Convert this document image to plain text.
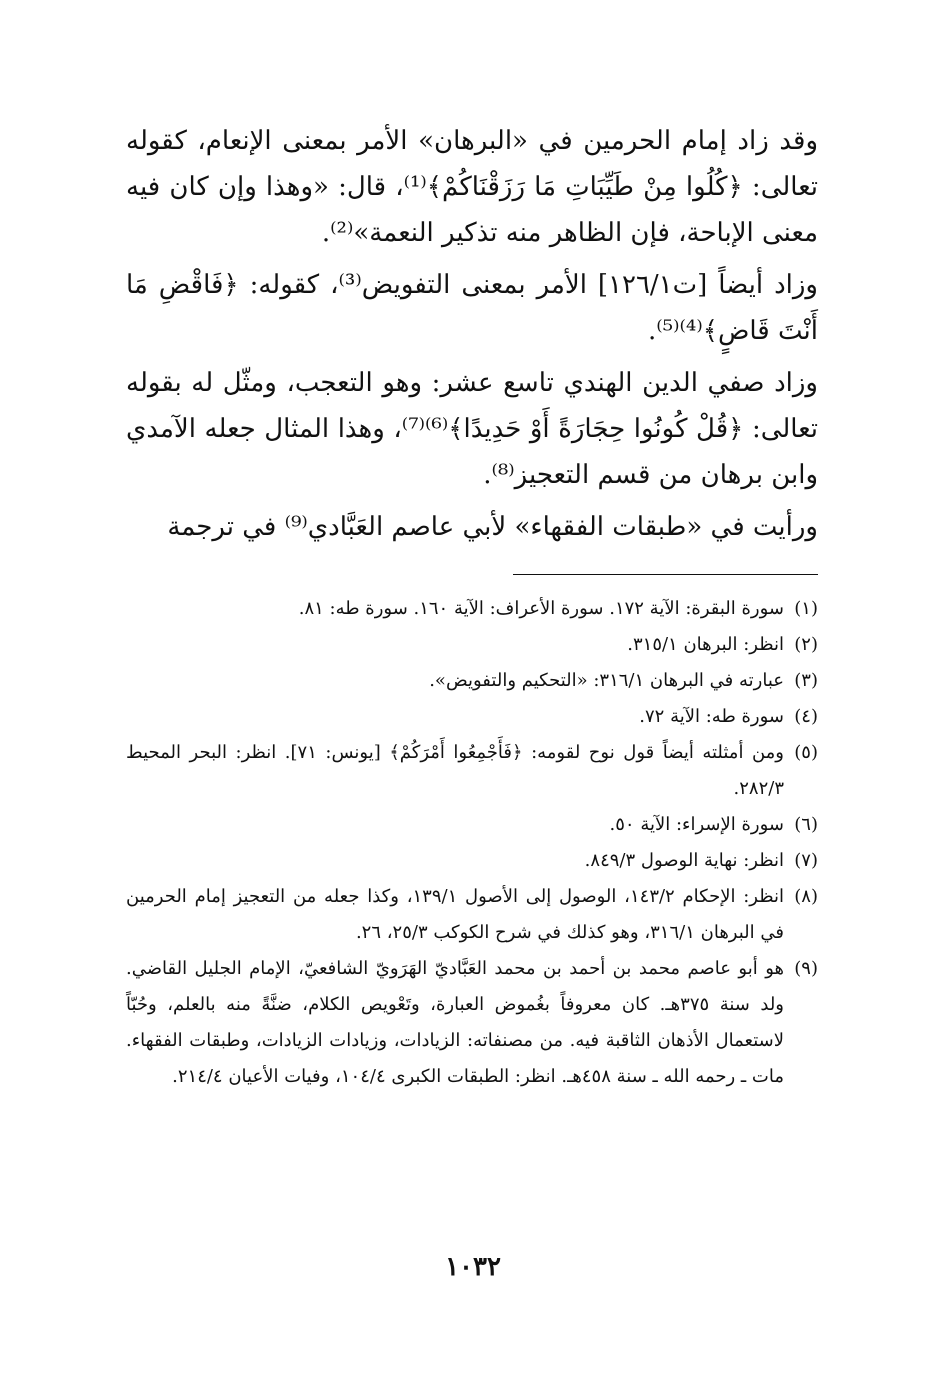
وقد زاد إمام الحرمين في «البرهان» الأمر بمعنى الإنعام، كقوله تعالى: ﴿كُلُوا مِنْ طَيِّبَاتِ مَا رَزَقْنَاكُمْ﴾⁽¹⁾، قال: «وهذا وإن كان فيه معنى الإباحة، فإن الظاهر منه تذكير النعمة»⁽²⁾.

وزاد أيضاً [ت١٢٦/١] الأمر بمعنى التفويض⁽³⁾، كقوله: ﴿فَاقْضِ مَا أَنْتَ قَاضٍ﴾⁽⁴⁾⁽⁵⁾.

وزاد صفي الدين الهندي تاسع عشر: وهو التعجب، ومثّل له بقوله تعالى: ﴿قُلْ كُونُوا حِجَارَةً أَوْ حَدِيدًا﴾⁽⁶⁾⁽⁷⁾، وهذا المثال جعله الآمدي وابن برهان من قسم التعجيز⁽⁸⁾.

ورأيت في «طبقات الفقهاء» لأبي عاصم العَبَّادي⁽⁹⁾ في ترجمة

(١)
سورة البقرة: الآية ١٧٢. سورة الأعراف: الآية ١٦٠. سورة طه: ٨١.
(٢)
انظر: البرهان ٣١٥/١.
(٣)
عبارته في البرهان ٣١٦/١: «التحكيم والتفويض».
(٤)
سورة طه: الآية ٧٢.
(٥)
ومن أمثلته أيضاً قول نوح لقومه: ﴿فَأَجْمِعُوا أَمْرَكُمْ﴾ [يونس: ٧١]. انظر: البحر المحيط ٢٨٢/٣.
(٦)
سورة الإسراء: الآية ٥٠.
(٧)
انظر: نهاية الوصول ٨٤٩/٣.
(٨)
انظر: الإحكام ١٤٣/٢، الوصول إلى الأصول ١٣٩/١، وكذا جعله من التعجيز إمام الحرمين في البرهان ٣١٦/١، وهو كذلك في شرح الكوكب ٢٥/٣، ٢٦.
(٩)
هو أبو عاصم محمد بن أحمد بن محمد العَبَّاديّ الهَرَويّ الشافعيّ، الإمام الجليل القاضي. ولد سنة ٣٧٥هـ. كان معروفاً بغُموض العبارة، وتَعْويص الكلام، ضنَّةً منه بالعلم، وحُبّاً لاستعمال الأذهان الثاقبة فيه. من مصنفاته: الزيادات، وزيادات الزيادات، وطبقات الفقهاء. مات ـ رحمه الله ـ سنة ٤٥٨هـ. انظر: الطبقات الكبرى ١٠٤/٤، وفيات الأعيان ٢١٤/٤.
١٠٣٢
